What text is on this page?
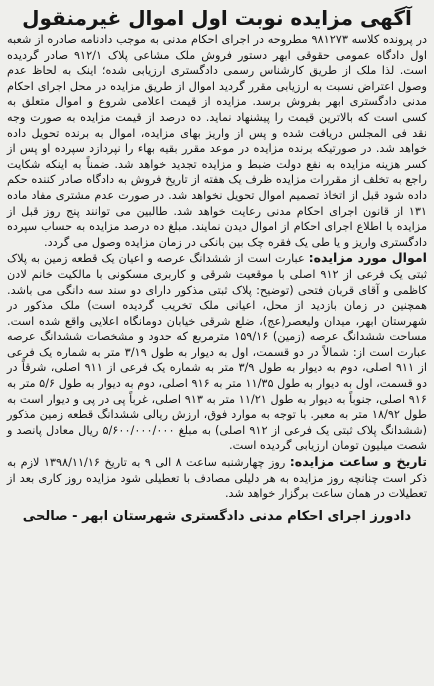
آگهی مزایده نوبت اول اموال غیرمنقول

در پرونده کلاسه ۹۸۱۲۷۳ مطروحه در اجرای احکام مدنی به موجب دادنامه صادره از شعبه اول دادگاه عمومی حقوقی ابهر دستور فروش ملک مشاعی پلاک ۹۱۲/۱ صادر گردیده است. لذا ملک از طریق کارشناس رسمی دادگستری ارزیابی شده؛ اینک به لحاظ عدم وصول اعتراض نسبت به ارزیابی مقرر گردید اموال از طریق مزایده در محل اجرای احکام مدنی دادگستری ابهر بفروش برسد. مزایده از قیمت اعلامی شروع و اموال متعلق به کسی است که بالاترین قیمت را پیشنهاد نماید. ده درصد از قیمت مزایده به صورت وجه نقد فی المجلس دریافت شده و پس از واریز بهای مزایده، اموال به برنده تحویل داده خواهد شد. در صورتیکه برنده مزایده در موعد مقرر بقیه بهاء را نپردازد سپرده او پس از کسر هزینه مزایده به نفع دولت ضبط و مزایده تجدید خواهد شد. ضمناً به اینکه شکایت راجع به تخلف از مقررات مزایده ظرف یک هفته از تاریخ فروش به دادگاه صادر کننده حکم داده شود قبل از اتخاذ تصمیم اموال تحویل نخواهد شد. در صورت عدم مشتری مفاد ماده ۱۳۱ از قانون اجرای احکام مدنی رعایت خواهد شد. طالبین می توانند پنج روز قبل از مزایده با اطلاع اجرای احکام از اموال دیدن نمایند. مبلغ ده درصد مزایده به حساب سپرده دادگستری واریز و یا طی یک فقره چک بین بانکی در زمان مزایده وصول می گردد.

اموال مورد مزایده: عبارت است از ششدانگ عرصه و اعیان یک قطعه زمین به پلاک ثبتی یک فرعی از ۹۱۲ اصلی با موقعیت شرقی و کاربری مسکونی با مالکیت خانم لادن کاظمی و آقای قربان فتحی (توضیح: پلاک ثبتی مذکور دارای دو سند سه دانگی می باشد. همچنین در زمان بازدید از محل، اعیانی ملک تخریب گردیده است) ملک مذکور در شهرستان ابهر، میدان ولیعصر(عج)، ضلع شرقی خیابان دومانگاه اعلایی واقع شده است. مساحت ششدانگ عرصه (زمین) ۱۵۹/۱۶ مترمربع که حدود و مشخصات ششدانگ عرصه عبارت است از: شمالاً در دو قسمت، اول به دیوار به طول ۳/۱۹ متر به شماره یک فرعی از ۹۱۱ اصلی، دوم به دیوار به طول ۳/۹ متر به شماره یک فرعی از ۹۱۱ اصلی، شرقاً در دو قسمت، اول به دیوار به طول ۱۱/۳۵ متر به ۹۱۶ اصلی، دوم به دیوار به طول ۵/۶ متر به ۹۱۶ اصلی، جنوباً به دیوار به طول ۱۱/۲۱ متر به ۹۱۳ اصلی، غرباً پی در پی و دیوار است به طول ۱۸/۹۲ متر به معبر. با توجه به موارد فوق، ارزش ریالی ششدانگ قطعه زمین مذکور (ششدانگ پلاک ثبتی یک فرعی از ۹۱۲ اصلی) به مبلغ ۵/۶۰۰/۰۰۰/۰۰۰ ریال معادل پانصد و شصت میلیون تومان ارزیابی گردیده است.

تاریخ و ساعت مزایده: روز چهارشنبه ساعت ۸ الی ۹ به تاریخ ۱۳۹۸/۱۱/۱۶ لازم به ذکر است چنانچه روز مزایده به هر دلیلی مصادف با تعطیلی شود مزایده روز کاری بعد از تعطیلات در همان ساعت برگزار خواهد شد.

دادورز اجرای احکام مدنی دادگستری شهرستان ابهر - صالحی
